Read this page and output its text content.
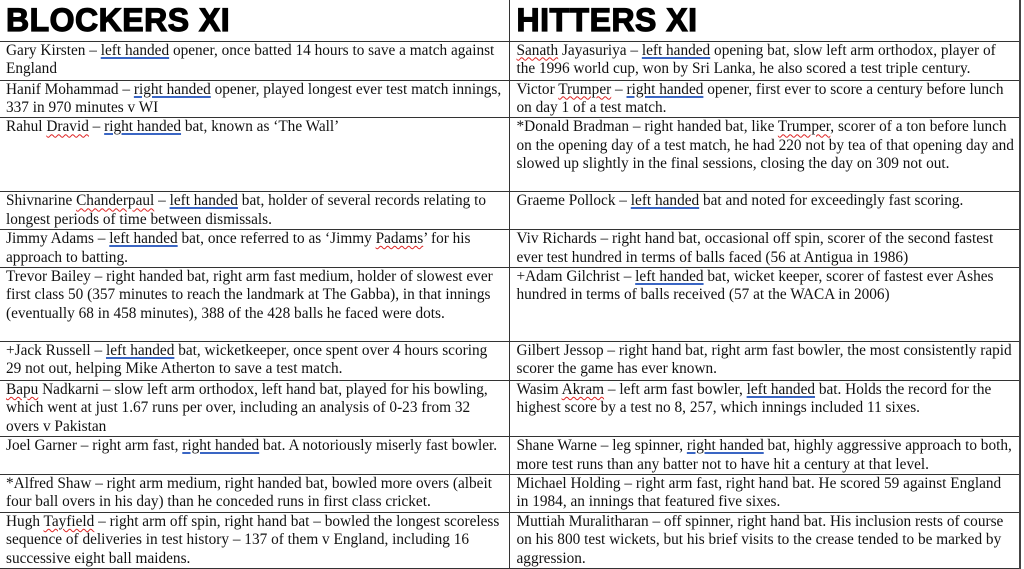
BLOCKERS XI	HITTERS XI
Gary Kirsten – left handed opener, once batted 14 hours to save a match against England	Sanath Jayasuriya – left handed opening bat, slow left arm orthodox, player of the 1996 world cup, won by Sri Lanka, he also scored a test triple century.
Hanif Mohammad – right handed opener, played longest ever test match innings, 337 in 970 minutes v WI	Victor Trumper – right handed opener, first ever to score a century before lunch on day 1 of a test match.
Rahul Dravid – right handed bat, known as ‘The Wall’	*Donald Bradman – right handed bat, like Trumper, scorer of a ton before lunch on the opening day of a test match, he had 220 not by tea of that opening day and slowed up slightly in the final sessions, closing the day on 309 not out.
Shivnarine Chanderpaul – left handed bat, holder of several records relating to longest periods of time between dismissals.	Graeme Pollock – left handed bat and noted for exceedingly fast scoring.
Jimmy Adams – left handed bat, once referred to as ‘Jimmy Padams’ for his approach to batting.	Viv Richards – right hand bat, occasional off spin, scorer of the second fastest ever test hundred in terms of balls faced (56 at Antigua in 1986)
Trevor Bailey – right handed bat, right arm fast medium, holder of slowest ever first class 50 (357 minutes to reach the landmark at The Gabba), in that innings (eventually 68 in 458 minutes), 388 of the 428 balls he faced were dots.	+Adam Gilchrist – left handed bat, wicket keeper, scorer of fastest ever Ashes hundred in terms of balls received (57 at the WACA in 2006)
+Jack Russell – left handed bat, wicketkeeper, once spent over 4 hours scoring 29 not out, helping Mike Atherton to save a test match.	Gilbert Jessop – right hand bat, right arm fast bowler, the most consistently rapid scorer the game has ever known.
Bapu Nadkarni – slow left arm orthodox, left hand bat, played for his bowling, which went at just 1.67 runs per over, including an analysis of 0-23 from 32 overs v Pakistan	Wasim Akram – left arm fast bowler, left handed bat. Holds the record for the highest score by a test no 8, 257, which innings included 11 sixes.
Joel Garner – right arm fast, right handed bat. A notoriously miserly fast bowler.	Shane Warne – leg spinner, right handed bat, highly aggressive approach to both, more test runs than any batter not to have hit a century at that level.
*Alfred Shaw – right arm medium, right handed bat, bowled more overs (albeit four ball overs in his day) than he conceded runs in first class cricket.	Michael Holding – right arm fast, right hand bat. He scored 59 against England in 1984, an innings that featured five sixes.
Hugh Tayfield – right arm off spin, right hand bat – bowled the longest scoreless sequence of deliveries in test history – 137 of them v England, including 16 successive eight ball maidens.	Muttiah Muralitharan – off spinner, right hand bat. His inclusion rests of course on his 800 test wickets, but his brief visits to the crease tended to be marked by aggression.
